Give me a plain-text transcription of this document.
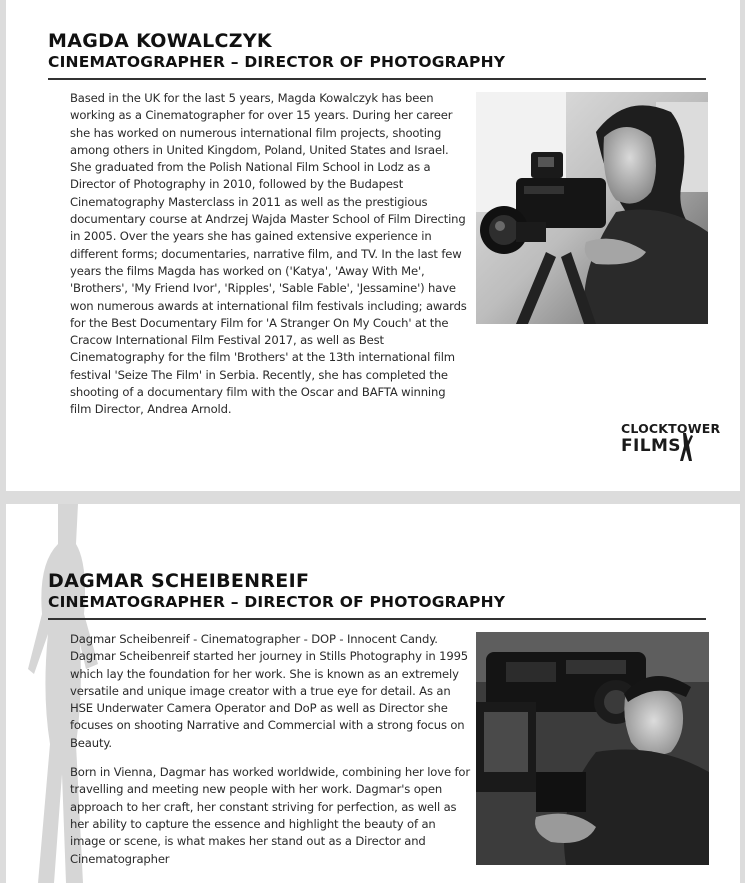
MAGDA KOWALCZYK
CINEMATOGRAPHER – DIRECTOR OF PHOTOGRAPHY

Based in the UK for the last 5 years, Magda Kowalczyk has been working as a Cinematographer for over 15 years. During her career she has worked on numerous international film projects, shooting among others in United Kingdom, Poland, United States and Israel. She graduated from the Polish National Film School in Lodz as a Director of Photography in 2010, followed by the Budapest Cinematography Masterclass in 2011 as well as the prestigious documentary course at Andrzej Wajda Master School of Film Directing in 2005. Over the years she has gained extensive experience in different forms; documentaries, narrative film, and TV. In the last few years the films Magda has worked on ('Katya', 'Away With Me', 'Brothers', 'My Friend Ivor', 'Ripples', 'Sable Fable', 'Jessamine') have won numerous awards at international film festivals including; awards for the Best Documentary Film for 'A Stranger On My Couch' at the Cracow International Film Festival 2017, as well as Best Cinematography for the film 'Brothers' at the 13th international film festival 'Seize The Film' in Serbia. Recently, she has completed the shooting of a documentary film with the Oscar and BAFTA winning film Director, Andrea Arnold.

CLOCKTOWER
FILMS
DAGMAR SCHEIBENREIF
CINEMATOGRAPHER – DIRECTOR OF PHOTOGRAPHY

Dagmar Scheibenreif - Cinematographer - DOP - Innocent Candy. Dagmar Scheibenreif started her journey in Stills Photography in 1995 which lay the foundation for her work. She is known as an extremely versatile and unique image creator with a true eye for detail. As an HSE Underwater Camera Operator and DoP as well as Director she focuses on shooting Narrative and Commercial with a strong focus on Beauty.

Born in Vienna, Dagmar has worked worldwide, combining her love for travelling and meeting new people with her work. Dagmar's open approach to her craft, her constant striving for perfection, as well as her ability to capture the essence and highlight the beauty of an image or scene, is what makes her stand out as a Director and Cinematographer
